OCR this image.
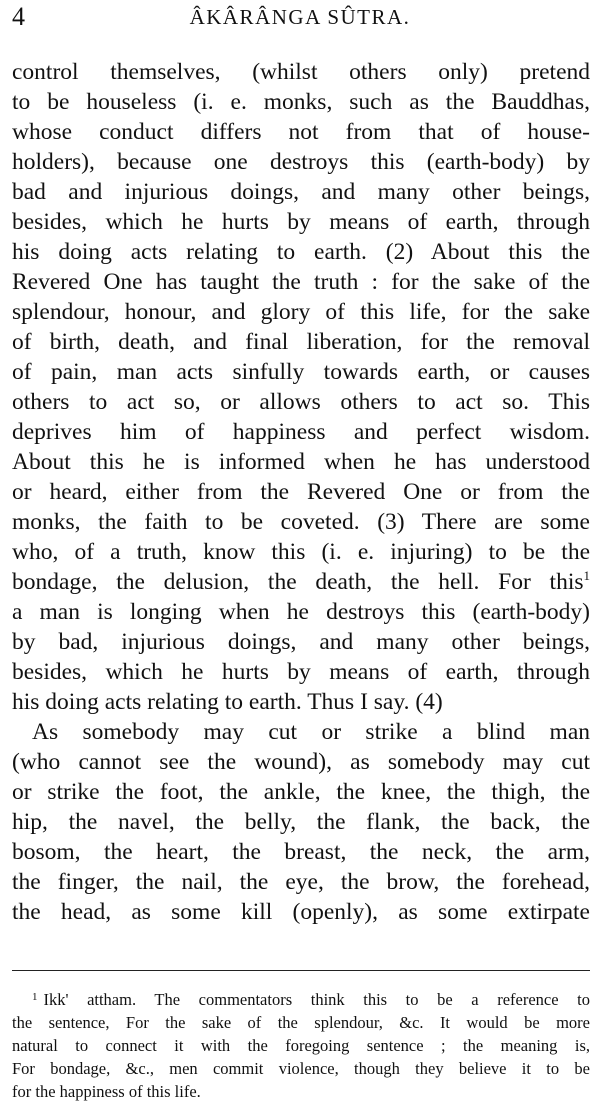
4	ÂKÂRÂNGA SÛTRA.
control themselves, (whilst others only) pretend
to be houseless (i. e. monks, such as the Bauddhas,
whose conduct differs not from that of house-
holders), because one destroys this (earth-body) by
bad and injurious doings, and many other beings,
besides, which he hurts by means of earth, through
his doing acts relating to earth. (2) About this the
Revered One has taught the truth : for the sake of the
splendour, honour, and glory of this life, for the sake
of birth, death, and final liberation, for the removal
of pain, man acts sinfully towards earth, or causes
others to act so, or allows others to act so. This
deprives him of happiness and perfect wisdom.
About this he is informed when he has understood
or heard, either from the Revered One or from the
monks, the faith to be coveted. (3) There are some
who, of a truth, know this (i. e. injuring) to be the
bondage, the delusion, the death, the hell. For this$^1$
a man is longing when he destroys this (earth-body)
by bad, injurious doings, and many other beings,
besides, which he hurts by means of earth, through
his doing acts relating to earth. Thus I say. (4)
As somebody may cut or strike a blind man
(who cannot see the wound), as somebody may cut
or strike the foot, the ankle, the knee, the thigh, the
hip, the navel, the belly, the flank, the back, the
bosom, the heart, the breast, the neck, the arm,
the finger, the nail, the eye, the brow, the forehead,
the head, as some kill (openly), as some extirpate
$^1$ Ikk' attham. The commentators think this to be a reference to
the sentence, For the sake of the splendour, &c. It would be more
natural to connect it with the foregoing sentence ; the meaning is,
For bondage, &c., men commit violence, though they believe it to be
for the happiness of this life.
